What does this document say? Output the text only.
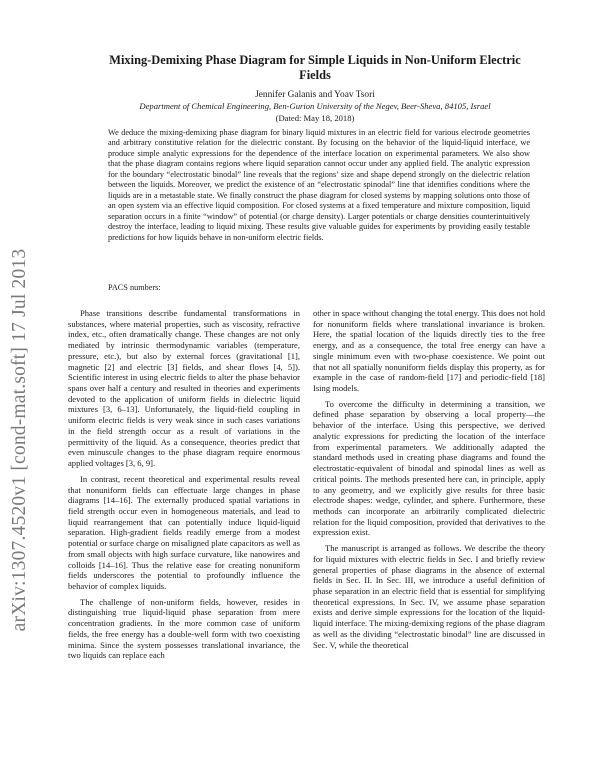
arXiv:1307.4520v1 [cond-mat.soft] 17 Jul 2013
Mixing-Demixing Phase Diagram for Simple Liquids in Non-Uniform Electric Fields
Jennifer Galanis and Yoav Tsori
Department of Chemical Engineering, Ben-Gurion University of the Negev, Beer-Sheva, 84105, Israel
(Dated: May 18, 2018)
We deduce the mixing-demixing phase diagram for binary liquid mixtures in an electric field for various electrode geometries and arbitrary constitutive relation for the dielectric constant. By focusing on the behavior of the liquid-liquid interface, we produce simple analytic expressions for the dependence of the interface location on experimental parameters. We also show that the phase diagram contains regions where liquid separation cannot occur under any applied field. The analytic expression for the boundary “electrostatic binodal” line reveals that the regions’ size and shape depend strongly on the dielectric relation between the liquids. Moreover, we predict the existence of an “electrostatic spinodal” line that identifies conditions where the liquids are in a metastable state. We finally construct the phase diagram for closed systems by mapping solutions onto those of an open system via an effective liquid composition. For closed systems at a fixed temperature and mixture composition, liquid separation occurs in a finite “window” of potential (or charge density). Larger potentials or charge densities counterintuitively destroy the interface, leading to liquid mixing. These results give valuable guides for experiments by providing easily testable predictions for how liquids behave in non-uniform electric fields.
PACS numbers:

Phase transitions describe fundamental transformations in substances, where material properties, such as viscosity, refractive index, etc., often dramatically change. These changes are not only mediated by intrinsic thermodynamic variables (temperature, pressure, etc.), but also by external forces (gravitational [1], magnetic [2] and electric [3] fields, and shear flows [4, 5]). Scientific interest in using electric fields to alter the phase behavior spans over half a century and resulted in theories and experiments devoted to the application of uniform fields in dielectric liquid mixtures [3, 6–13]. Unfortunately, the liquid-field coupling in uniform electric fields is very weak since in such cases variations in the field strength occur as a result of variations in the permittivity of the liquid. As a consequence, theories predict that even minuscule changes to the phase diagram require enormous applied voltages [3, 6, 9].

In contrast, recent theoretical and experimental results reveal that nonuniform fields can effectuate large changes in phase diagrams [14–16]. The externally produced spatial variations in field strength occur even in homogeneous materials, and lead to liquid rearrangement that can potentially induce liquid-liquid separation. High-gradient fields readily emerge from a modest potential or surface charge on misaligned plate capacitors as well as from small objects with high surface curvature, like nanowires and colloids [14–16]. Thus the relative ease for creating nonuniform fields underscores the potential to profoundly influence the behavior of complex liquids.

The challenge of non-uniform fields, however, resides in distinguishing true liquid-liquid phase separation from mere concentration gradients. In the more common case of uniform fields, the free energy has a double-well form with two coexisting minima. Since the system possesses translational invariance, the two liquids can replace each

other in space without changing the total energy. This does not hold for nonuniform fields where translational invariance is broken. Here, the spatial location of the liquids directly ties to the free energy, and as a consequence, the total free energy can have a single minimum even with two-phase coexistence. We point out that not all spatially nonuniform fields display this property, as for example in the case of random-field [17] and periodic-field [18] Ising models.

To overcome the difficulty in determining a transition, we defined phase separation by observing a local property—the behavior of the interface. Using this perspective, we derived analytic expressions for predicting the location of the interface from experimental parameters. We additionally adapted the standard methods used in creating phase diagrams and found the electrostatic-equivalent of binodal and spinodal lines as well as critical points. The methods presented here can, in principle, apply to any geometry, and we explicitly give results for three basic electrode shapes: wedge, cylinder, and sphere. Furthermore, these methods can incorporate an arbitrarily complicated dielectric relation for the liquid composition, provided that derivatives to the expression exist.

The manuscript is arranged as follows. We describe the theory for liquid mixtures with electric fields in Sec. I and briefly review general properties of phase diagrams in the absence of external fields in Sec. II. In Sec. III, we introduce a useful definition of phase separation in an electric field that is essential for simplifying theoretical expressions. In Sec. IV, we assume phase separation exists and derive simple expressions for the location of the liquid-liquid interface. The mixing-demixing regions of the phase diagram as well as the dividing “electrostatic binodal” line are discussed in Sec. V, while the theoretical
